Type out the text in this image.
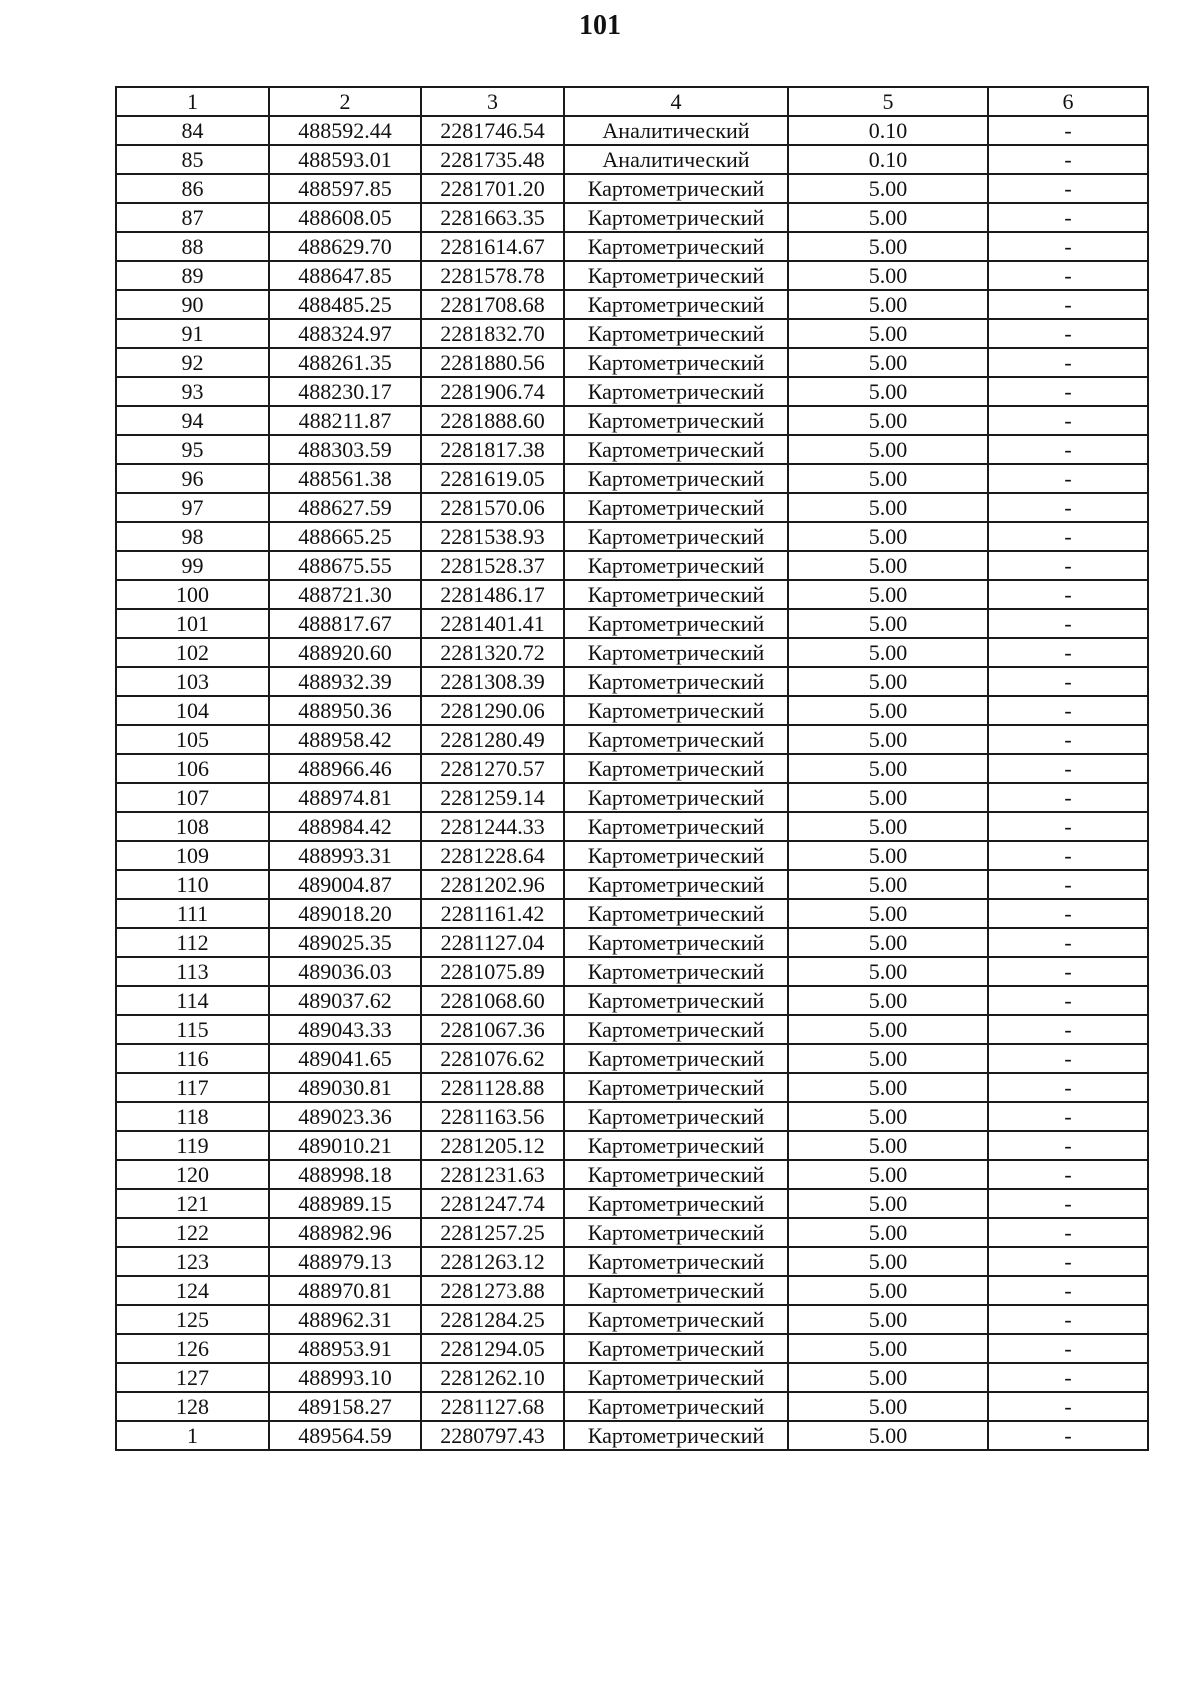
101
1	2	3	4	5	6
84	488592.44	2281746.54	Аналитический	0.10	-
85	488593.01	2281735.48	Аналитический	0.10	-
86	488597.85	2281701.20	Картометрический	5.00	-
87	488608.05	2281663.35	Картометрический	5.00	-
88	488629.70	2281614.67	Картометрический	5.00	-
89	488647.85	2281578.78	Картометрический	5.00	-
90	488485.25	2281708.68	Картометрический	5.00	-
91	488324.97	2281832.70	Картометрический	5.00	-
92	488261.35	2281880.56	Картометрический	5.00	-
93	488230.17	2281906.74	Картометрический	5.00	-
94	488211.87	2281888.60	Картометрический	5.00	-
95	488303.59	2281817.38	Картометрический	5.00	-
96	488561.38	2281619.05	Картометрический	5.00	-
97	488627.59	2281570.06	Картометрический	5.00	-
98	488665.25	2281538.93	Картометрический	5.00	-
99	488675.55	2281528.37	Картометрический	5.00	-
100	488721.30	2281486.17	Картометрический	5.00	-
101	488817.67	2281401.41	Картометрический	5.00	-
102	488920.60	2281320.72	Картометрический	5.00	-
103	488932.39	2281308.39	Картометрический	5.00	-
104	488950.36	2281290.06	Картометрический	5.00	-
105	488958.42	2281280.49	Картометрический	5.00	-
106	488966.46	2281270.57	Картометрический	5.00	-
107	488974.81	2281259.14	Картометрический	5.00	-
108	488984.42	2281244.33	Картометрический	5.00	-
109	488993.31	2281228.64	Картометрический	5.00	-
110	489004.87	2281202.96	Картометрический	5.00	-
111	489018.20	2281161.42	Картометрический	5.00	-
112	489025.35	2281127.04	Картометрический	5.00	-
113	489036.03	2281075.89	Картометрический	5.00	-
114	489037.62	2281068.60	Картометрический	5.00	-
115	489043.33	2281067.36	Картометрический	5.00	-
116	489041.65	2281076.62	Картометрический	5.00	-
117	489030.81	2281128.88	Картометрический	5.00	-
118	489023.36	2281163.56	Картометрический	5.00	-
119	489010.21	2281205.12	Картометрический	5.00	-
120	488998.18	2281231.63	Картометрический	5.00	-
121	488989.15	2281247.74	Картометрический	5.00	-
122	488982.96	2281257.25	Картометрический	5.00	-
123	488979.13	2281263.12	Картометрический	5.00	-
124	488970.81	2281273.88	Картометрический	5.00	-
125	488962.31	2281284.25	Картометрический	5.00	-
126	488953.91	2281294.05	Картометрический	5.00	-
127	488993.10	2281262.10	Картометрический	5.00	-
128	489158.27	2281127.68	Картометрический	5.00	-
1	489564.59	2280797.43	Картометрический	5.00	-
